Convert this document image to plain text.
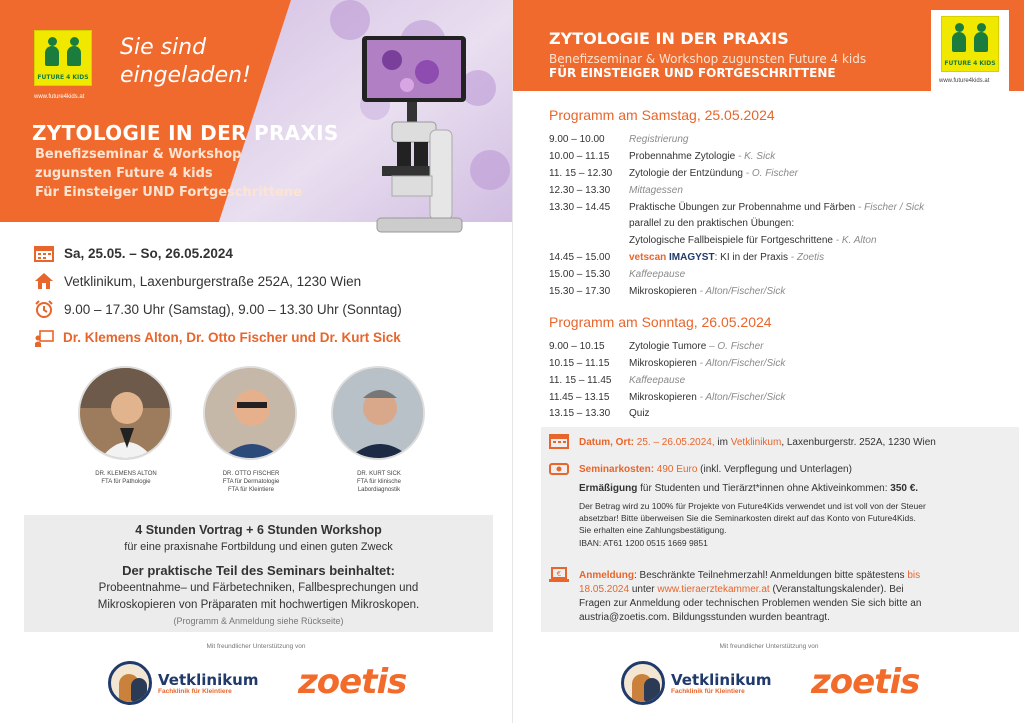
FUTURE 4 KIDS
www.future4kids.at
Sie sind
eingeladen!
ZYTOLOGIE IN DER PRAXIS
Benefizseminar & Workshop
zugunsten Future 4 kids
Für Einsteiger UND Fortgeschrittene
Sa, 25.05. – So, 26.05.2024
Vetklinikum, Laxenburgerstraße 252A, 1230 Wien
9.00 – 17.30 Uhr (Samstag), 9.00 – 13.30 Uhr (Sonntag)
Dr. Klemens Alton, Dr. Otto Fischer und Dr. Kurt Sick
DR. KLEMENS ALTON
FTA für Pathologie
DR. OTTO FISCHER
FTA für Dermatologie
FTA für Kleintiere
DR. KURT SICK
FTA für klinische
Labordiagnostik

4 Stunden Vortrag + 6 Stunden Workshop

für eine praxisnahe Fortbildung und einen guten Zweck

Der praktische Teil des Seminars beinhaltet:

Probeentnahme– und Färbetechniken, Fallbesprechungen und

Mikroskopieren von Präparaten mit hochwertigen Mikroskopen.

(Programm & Anmeldung siehe Rückseite)

Mit freundlicher Unterstützung von
Vetklinikum
Fachklinik für Kleintiere	zoetis
ZYTOLOGIE IN DER PRAXIS
Benefizseminar & Workshop zugunsten Future 4 kids
FÜR EINSTEIGER UND FORTGESCHRITTENE
FUTURE 4 KIDS
www.future4kids.at
Programm am Samstag, 25.05.2024
9.00 – 10.00 Registrierung
10.00 – 11.15 Probennahme Zytologie - K. Sick
11. 15 – 12.30 Zytologie der Entzündung - O. Fischer
12.30 – 13.30 Mittagessen
13.30 – 14.45 Praktische Übungen zur Probennahme und Färben - Fischer / Sick
parallel zu den praktischen Übungen:
Zytologische Fallbeispiele für Fortgeschrittene - K. Alton
14.45 – 15.00 vetscan IMAGYST: KI in der Praxis - Zoetis
15.00 – 15.30 Kaffeepause
15.30 – 17.30 Mikroskopieren - Alton/Fischer/Sick
Programm am Sonntag, 26.05.2024
9.00 – 10.15 Zytologie Tumore – O. Fischer
10.15 – 11.15 Mikroskopieren - Alton/Fischer/Sick
11. 15 – 11.45 Kaffeepause
11.45 – 13.15 Mikroskopieren - Alton/Fischer/Sick
13.15 – 13.30 Quiz
Datum, Ort: 25. – 26.05.2024, im Vetklinikum, Laxenburgerstr. 252A, 1230 Wien
Seminarkosten: 490 Euro (inkl. Verpflegung und Unterlagen)
Ermäßigung für Studenten und Tierärzt*innen ohne Aktiveinkommen: 350 €.
Der Betrag wird zu 100% für Projekte von Future4Kids verwendet und ist voll von der Steuer
absetzbar! Bitte überweisen Sie die Seminarkosten direkt auf das Konto von Future4Kids.
Sie erhalten eine Zahlungsbestätigung.
IBAN: AT61 1200 0515 1669 9851
€ Anmeldung: Beschränkte Teilnehmerzahl! Anmeldungen bitte spätestens bis
18.05.2024 unter www.tieraerztekammer.at (Veranstaltungskalender). Bei
Fragen zur Anmeldung oder technischen Problemen wenden Sie sich bitte an
austria@zoetis.com. Bildungsstunden wurden beantragt.
Mit freundlicher Unterstützung von
Vetklinikum
Fachklinik für Kleintiere	zoetis
